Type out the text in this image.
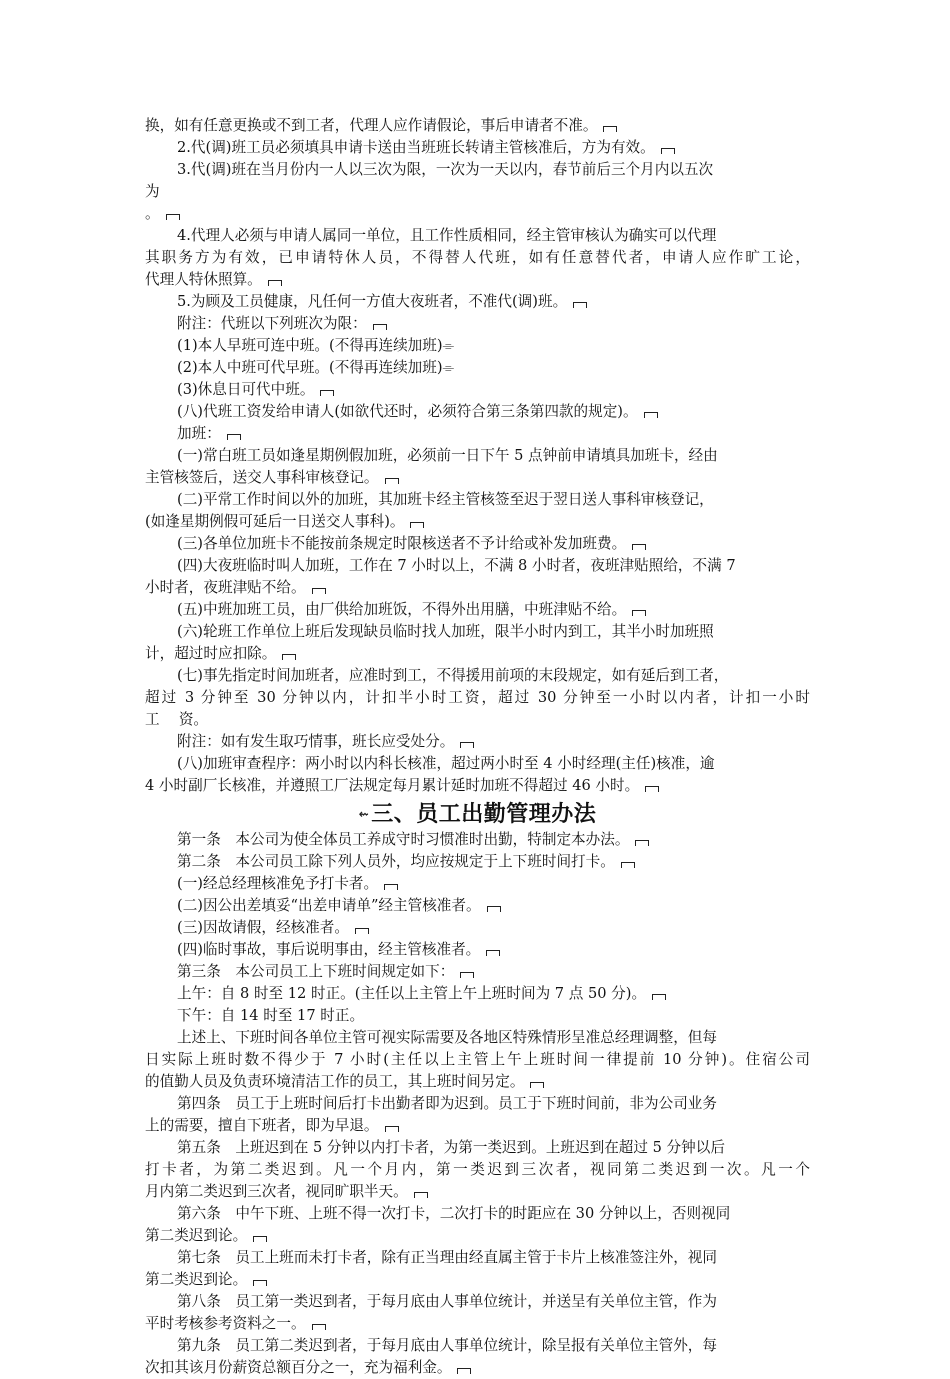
换，如有任意更换或不到工者，代理人应作请假论，事后申请者不准。
2.代(调)班工员必须填具申请卡送由当班班长转请主管核准后，方为有效。
3.代(调)班在当月份内一人以三次为限，一次为一天以内，春节前后三个月内以五次
为
。
4.代理人必须与申请人属同一单位，且工作性质相同，经主管审核认为确实可以代理
其职务方为有效，已申请特休人员，不得替人代班，如有任意替代者，申请人应作旷工论，
代理人特休照算。
5.为顾及工员健康，凡任何一方值大夜班者，不准代(调)班。
附注：代班以下列班次为限：
(1)本人早班可连中班。(不得再连续加班)⌯
(2)本人中班可代早班。(不得再连续加班)⌯
(3)休息日可代中班。
(八)代班工资发给申请人(如欲代还时，必须符合第三条第四款的规定)。
加班：
(一)常白班工员如逢星期例假加班，必须前一日下午 5 点钟前申请填具加班卡，经由
主管核签后，送交人事科审核登记。
(二)平常工作时间以外的加班，其加班卡经主管核签至迟于翌日送人事科审核登记，
(如逢星期例假可延后一日送交人事科)。
(三)各单位加班卡不能按前条规定时限核送者不予计给或补发加班费。
(四)大夜班临时叫人加班，工作在 7 小时以上，不满 8 小时者，夜班津贴照给，不满 7
小时者，夜班津贴不给。
(五)中班加班工员，由厂供给加班饭，不得外出用膳，中班津贴不给。
(六)轮班工作单位上班后发现缺员临时找人加班，限半小时内到工，其半小时加班照
计，超过时应扣除。
(七)事先指定时间加班者，应准时到工，不得援用前项的末段规定，如有延后到工者，
超过 3 分钟至 30 分钟以内，计扣半小时工资，超过 30 分钟至一小时以内者，计扣一小时
工　 资。
附注：如有发生取巧情事，班长应受处分。
(八)加班审查程序：两小时以内科长核准，超过两小时至 4 小时经理(主任)核准，逾
4 小时副厂长核准，并遵照工厂法规定每月累计延时加班不得超过 46 小时。
⇜三、员工出勤管理办法
第一条　本公司为使全体员工养成守时习惯准时出勤，特制定本办法。
第二条　本公司员工除下列人员外，均应按规定于上下班时间打卡。
(一)经总经理核准免予打卡者。
(二)因公出差填妥“出差申请单”经主管核准者。
(三)因故请假，经核准者。
(四)临时事故，事后说明事由，经主管核准者。
第三条　本公司员工上下班时间规定如下：
上午：自 8 时至 12 时正。(主任以上主管上午上班时间为 7 点 50 分)。
下午：自 14 时至 17 时正。
上述上、下班时间各单位主管可视实际需要及各地区特殊情形呈准总经理调整，但每
日实际上班时数不得少于 7 小时(主任以上主管上午上班时间一律提前 10 分钟)。住宿公司
的值勤人员及负责环境清洁工作的员工，其上班时间另定。
第四条　员工于上班时间后打卡出勤者即为迟到。员工于下班时间前，非为公司业务
上的需要，擅自下班者，即为早退。
第五条　上班迟到在 5 分钟以内打卡者，为第一类迟到。上班迟到在超过 5 分钟以后
打卡者，为第二类迟到。凡一个月内，第一类迟到三次者，视同第二类迟到一次。凡一个
月内第二类迟到三次者，视同旷职半天。
第六条　中午下班、上班不得一次打卡，二次打卡的时距应在 30 分钟以上，否则视同
第二类迟到论。
第七条　员工上班而未打卡者，除有正当理由经直属主管于卡片上核准签注外，视同
第二类迟到论。
第八条　员工第一类迟到者，于每月底由人事单位统计，并送呈有关单位主管，作为
平时考核参考资料之一。
第九条　员工第二类迟到者，于每月底由人事单位统计，除呈报有关单位主管外，每
次扣其该月份薪资总额百分之一，充为福利金。
